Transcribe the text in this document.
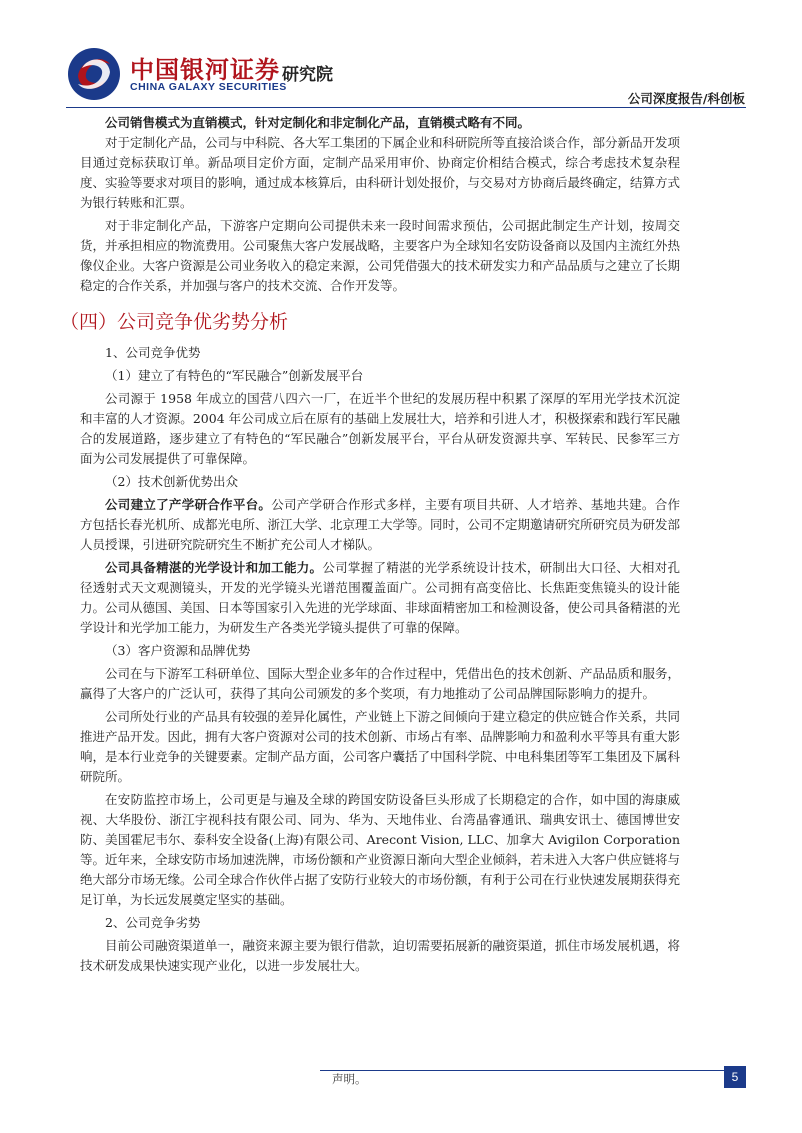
中国银河证券
CHINA GALAXY SECURITIES
研究院
公司深度报告/科创板

公司销售模式为直销模式，针对定制化和非定制化产品，直销模式略有不同。

对于定制化产品，公司与中科院、各大军工集团的下属企业和科研院所等直接洽谈合作，部分新品开发项目通过竞标获取订单。新品项目定价方面，定制产品采用审价、协商定价相结合模式，综合考虑技术复杂程度、实验等要求对项目的影响，通过成本核算后，由科研计划处报价，与交易对方协商后最终确定，结算方式为银行转账和汇票。

对于非定制化产品，下游客户定期向公司提供未来一段时间需求预估，公司据此制定生产计划，按周交货，并承担相应的物流费用。公司聚焦大客户发展战略，主要客户为全球知名安防设备商以及国内主流红外热像仪企业。大客户资源是公司业务收入的稳定来源，公司凭借强大的技术研发实力和产品品质与之建立了长期稳定的合作关系，并加强与客户的技术交流、合作开发等。

（四）公司竞争优劣势分析

1、公司竞争优势

（1）建立了有特色的“军民融合”创新发展平台

公司源于 1958 年成立的国营八四六一厂，在近半个世纪的发展历程中积累了深厚的军用光学技术沉淀和丰富的人才资源。2004 年公司成立后在原有的基础上发展壮大，培养和引进人才，积极探索和践行军民融合的发展道路，逐步建立了有特色的“军民融合”创新发展平台，平台从研发资源共享、军转民、民参军三方面为公司发展提供了可靠保障。

（2）技术创新优势出众

公司建立了产学研合作平台。公司产学研合作形式多样，主要有项目共研、人才培养、基地共建。合作方包括长春光机所、成都光电所、浙江大学、北京理工大学等。同时，公司不定期邀请研究所研究员为研发部人员授课，引进研究院研究生不断扩充公司人才梯队。

公司具备精湛的光学设计和加工能力。公司掌握了精湛的光学系统设计技术，研制出大口径、大相对孔径透射式天文观测镜头，开发的光学镜头光谱范围覆盖面广。公司拥有高变倍比、长焦距变焦镜头的设计能力。公司从德国、美国、日本等国家引入先进的光学球面、非球面精密加工和检测设备，使公司具备精湛的光学设计和光学加工能力，为研发生产各类光学镜头提供了可靠的保障。

（3）客户资源和品牌优势

公司在与下游军工科研单位、国际大型企业多年的合作过程中，凭借出色的技术创新、产品品质和服务，赢得了大客户的广泛认可，获得了其向公司颁发的多个奖项，有力地推动了公司品牌国际影响力的提升。

公司所处行业的产品具有较强的差异化属性，产业链上下游之间倾向于建立稳定的供应链合作关系，共同推进产品开发。因此，拥有大客户资源对公司的技术创新、市场占有率、品牌影响力和盈利水平等具有重大影响，是本行业竞争的关键要素。定制产品方面，公司客户囊括了中国科学院、中电科集团等军工集团及下属科研院所。

在安防监控市场上，公司更是与遍及全球的跨国安防设备巨头形成了长期稳定的合作，如中国的海康威视、大华股份、浙江宇视科技有限公司、同为、华为、天地伟业、台湾晶睿通讯、瑞典安讯士、德国博世安防、美国霍尼韦尔、泰科安全设备(上海)有限公司、Arecont Vision, LLC、加拿大 Avigilon Corporation 等。近年来，全球安防市场加速洗牌，市场份额和产业资源日渐向大型企业倾斜，若未进入大客户供应链将与绝大部分市场无缘。公司全球合作伙伴占据了安防行业较大的市场份额，有利于公司在行业快速发展期获得充足订单，为长远发展奠定坚实的基础。

2、公司竞争劣势

目前公司融资渠道单一，融资来源主要为银行借款，迫切需要拓展新的融资渠道，抓住市场发展机遇，将技术研发成果快速实现产业化，以进一步发展壮大。

声明。	5
